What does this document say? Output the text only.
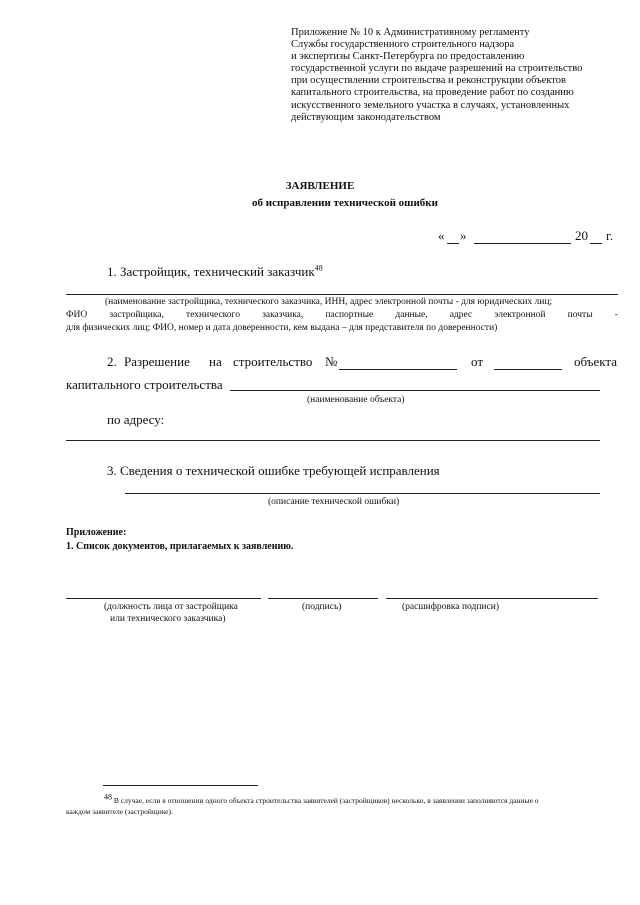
Приложение № 10 к Административному регламенту
Службы государственного строительного надзора
и экспертизы Санкт-Петербурга по предоставлению
государственной услуги по выдаче разрешений на строительство
при осуществлении строительства и реконструкции объектов
капитального строительства, на проведение работ по созданию
искусственного земельного участка в случаях, установленных
действующим законодательством
ЗАЯВЛЕНИЕ
об исправлении технической ошибки
« »	20 г.
1. Застройщик, технический заказчик$^{48}$
(наименование застройщика, технического заказчика, ИНН, адрес электронной почты - для юридических лиц;
ФИО застройщика, технического заказчика, паспортные данные, адрес электронной почты -
для физических лиц; ФИО, номер и дата доверенности, кем выдана – для представителя по доверенности)
2. Разрешение на строительство №	от	объекта
капитального строительства
(наименование объекта)
по адресу:
3. Сведения о технической ошибке требующей исправления
(описание технической ошибки)
Приложение:
1. Список документов, прилагаемых к заявлению.
(должность лица от застройщика
или технического заказчика)
(подпись)	(расшифровка подписи)
48 В случае, если в отношении одного объекта строительства заявителей (застройщиков) несколько, в заявлении заполняются данные о
каждом заявителе (застройщике).
